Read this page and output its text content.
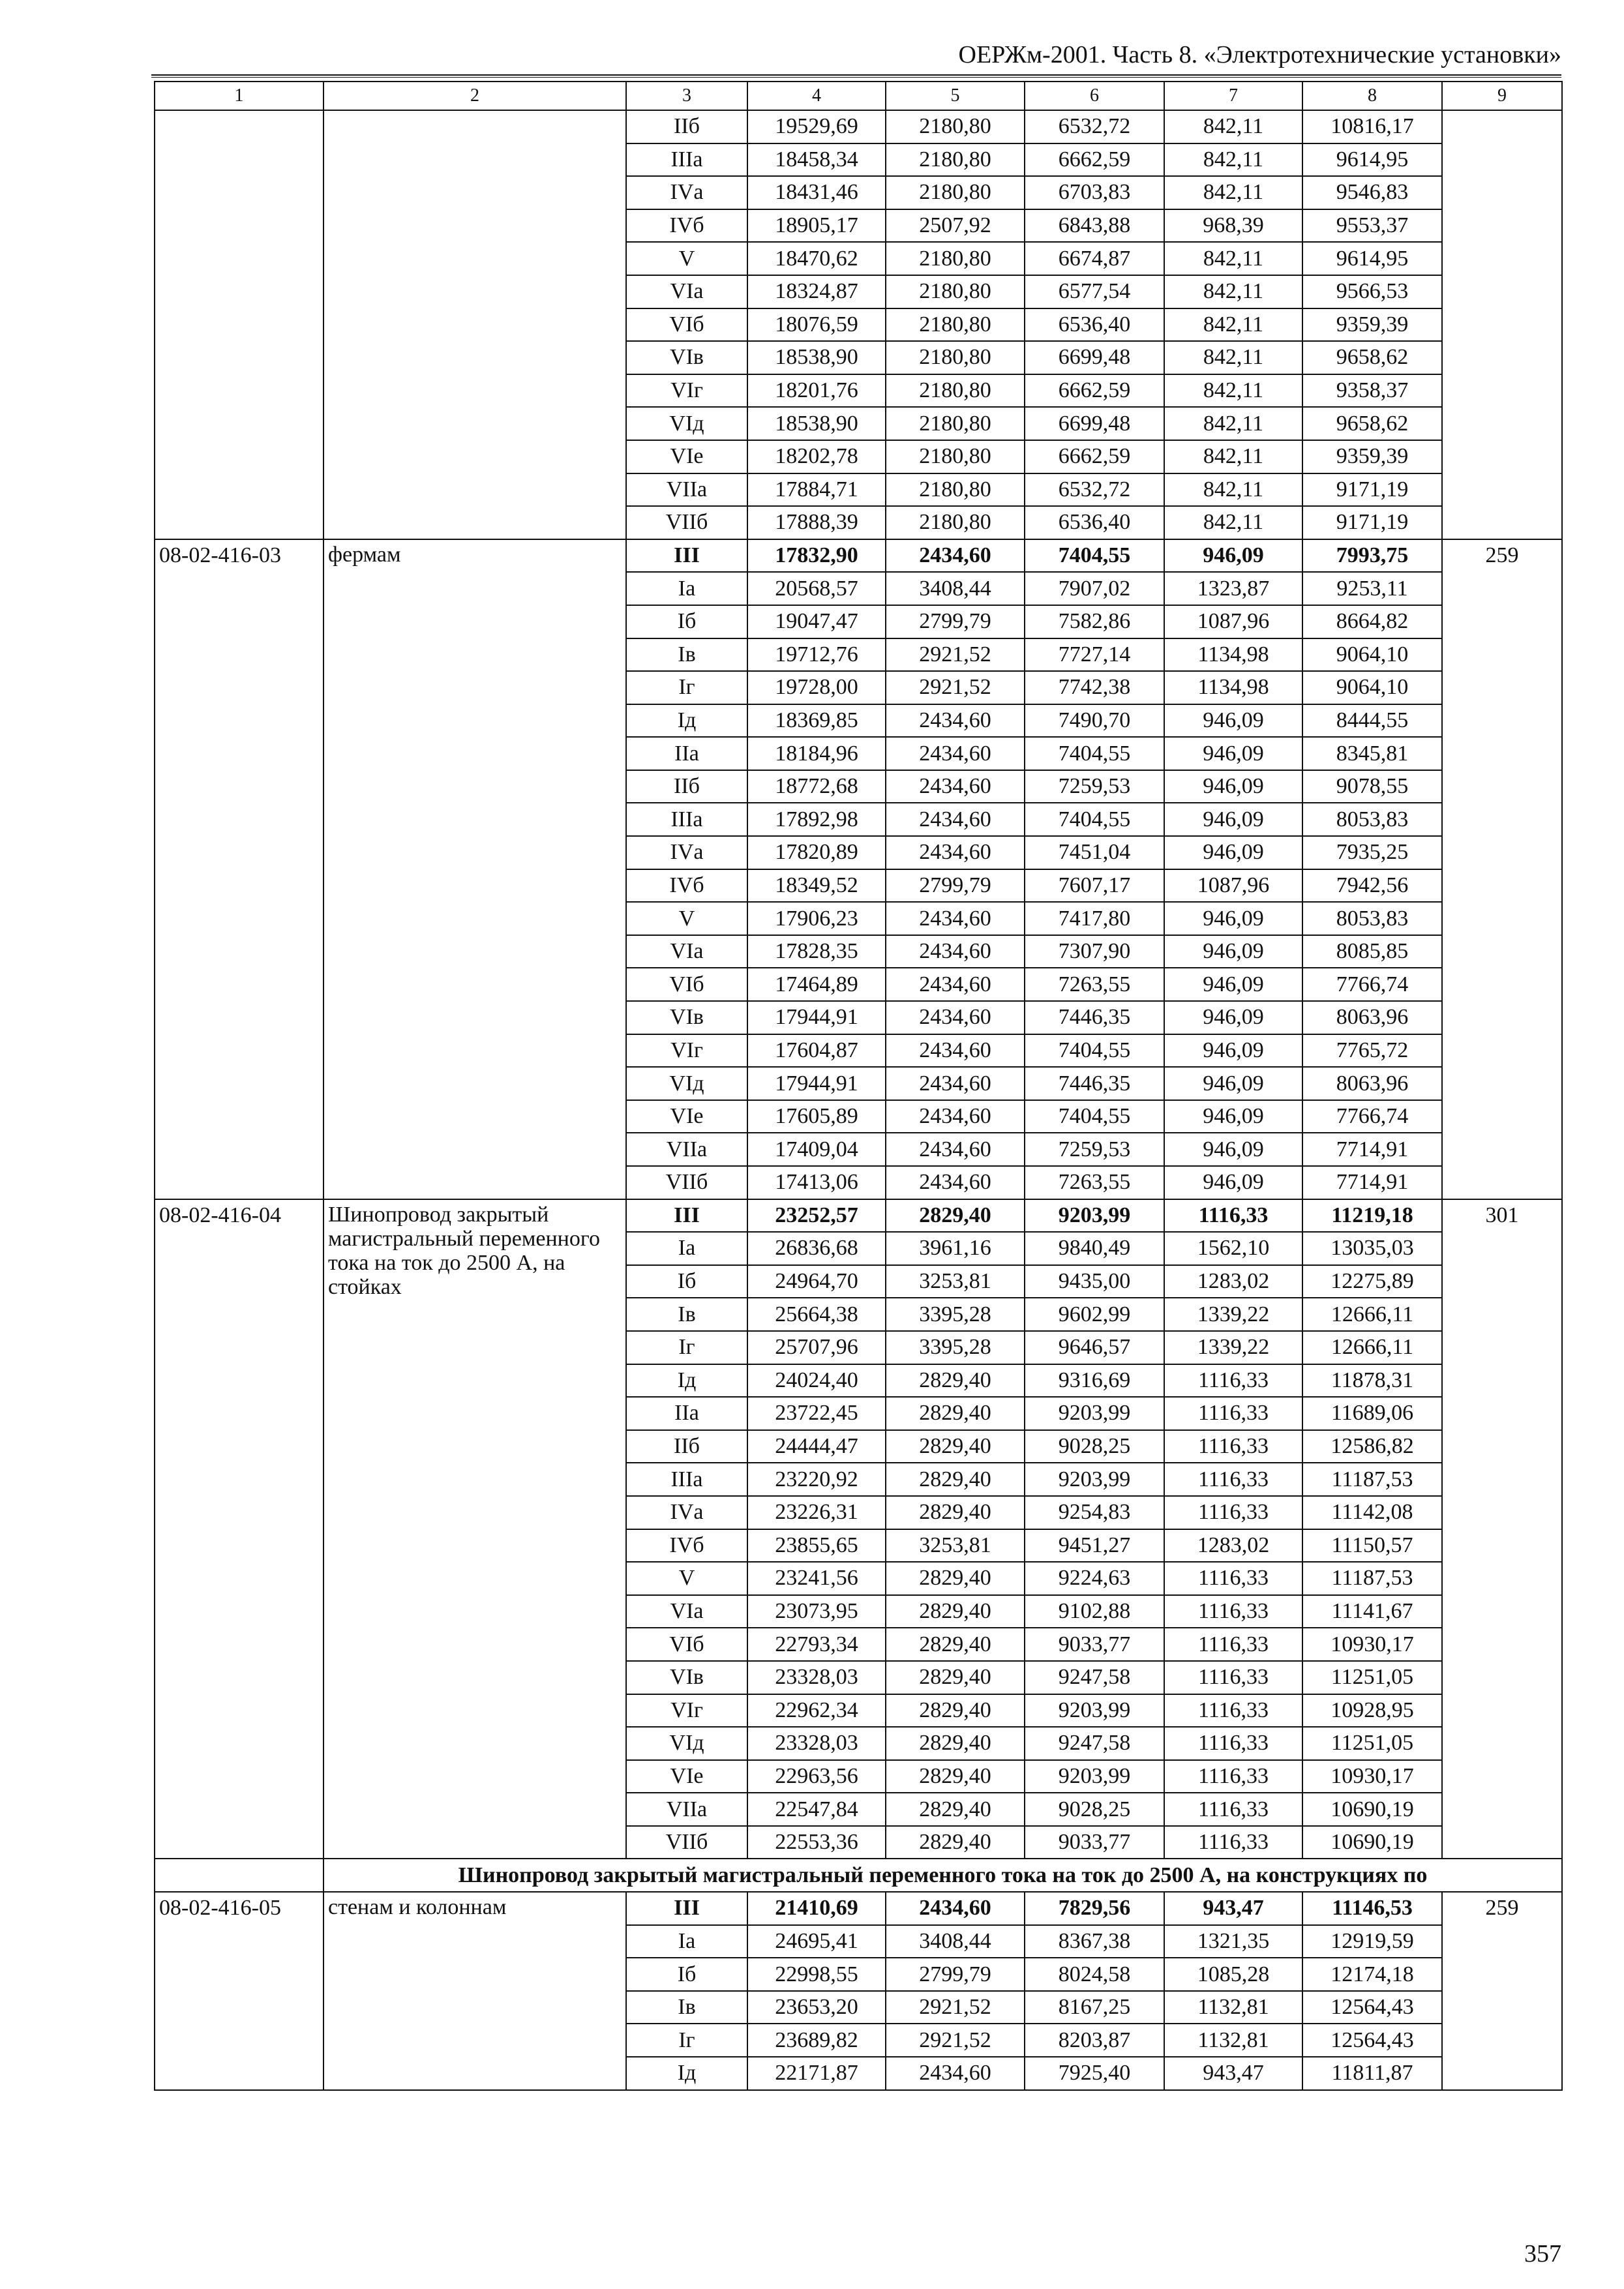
ОЕРЖм-2001. Часть 8. «Электротехнические установки»
1	2	3	4	5	6	7	8	9
		IIб	19529,69	2180,80	6532,72	842,11	10816,17	
		IIIа	18458,34	2180,80	6662,59	842,11	9614,95	
		IVа	18431,46	2180,80	6703,83	842,11	9546,83	
		IVб	18905,17	2507,92	6843,88	968,39	9553,37	
		V	18470,62	2180,80	6674,87	842,11	9614,95	
		VIа	18324,87	2180,80	6577,54	842,11	9566,53	
		VIб	18076,59	2180,80	6536,40	842,11	9359,39	
		VIв	18538,90	2180,80	6699,48	842,11	9658,62	
		VIг	18201,76	2180,80	6662,59	842,11	9358,37	
		VIд	18538,90	2180,80	6699,48	842,11	9658,62	
		VIе	18202,78	2180,80	6662,59	842,11	9359,39	
		VIIа	17884,71	2180,80	6532,72	842,11	9171,19	
		VIIб	17888,39	2180,80	6536,40	842,11	9171,19	
08-02-416-03	фермам	III	17832,90	2434,60	7404,55	946,09	7993,75	259
		Iа	20568,57	3408,44	7907,02	1323,87	9253,11	
		Iб	19047,47	2799,79	7582,86	1087,96	8664,82	
		Iв	19712,76	2921,52	7727,14	1134,98	9064,10	
		Iг	19728,00	2921,52	7742,38	1134,98	9064,10	
		Iд	18369,85	2434,60	7490,70	946,09	8444,55	
		IIа	18184,96	2434,60	7404,55	946,09	8345,81	
		IIб	18772,68	2434,60	7259,53	946,09	9078,55	
		IIIа	17892,98	2434,60	7404,55	946,09	8053,83	
		IVа	17820,89	2434,60	7451,04	946,09	7935,25	
		IVб	18349,52	2799,79	7607,17	1087,96	7942,56	
		V	17906,23	2434,60	7417,80	946,09	8053,83	
		VIа	17828,35	2434,60	7307,90	946,09	8085,85	
		VIб	17464,89	2434,60	7263,55	946,09	7766,74	
		VIв	17944,91	2434,60	7446,35	946,09	8063,96	
		VIг	17604,87	2434,60	7404,55	946,09	7765,72	
		VIд	17944,91	2434,60	7446,35	946,09	8063,96	
		VIе	17605,89	2434,60	7404,55	946,09	7766,74	
		VIIа	17409,04	2434,60	7259,53	946,09	7714,91	
		VIIб	17413,06	2434,60	7263,55	946,09	7714,91	
08-02-416-04	Шинопровод закрытый магистральный переменного тока на ток до 2500 А, на стойках	III	23252,57	2829,40	9203,99	1116,33	11219,18	301
		Iа	26836,68	3961,16	9840,49	1562,10	13035,03	
		Iб	24964,70	3253,81	9435,00	1283,02	12275,89	
		Iв	25664,38	3395,28	9602,99	1339,22	12666,11	
		Iг	25707,96	3395,28	9646,57	1339,22	12666,11	
		Iд	24024,40	2829,40	9316,69	1116,33	11878,31	
		IIа	23722,45	2829,40	9203,99	1116,33	11689,06	
		IIб	24444,47	2829,40	9028,25	1116,33	12586,82	
		IIIа	23220,92	2829,40	9203,99	1116,33	11187,53	
		IVа	23226,31	2829,40	9254,83	1116,33	11142,08	
		IVб	23855,65	3253,81	9451,27	1283,02	11150,57	
		V	23241,56	2829,40	9224,63	1116,33	11187,53	
		VIа	23073,95	2829,40	9102,88	1116,33	11141,67	
		VIб	22793,34	2829,40	9033,77	1116,33	10930,17	
		VIв	23328,03	2829,40	9247,58	1116,33	11251,05	
		VIг	22962,34	2829,40	9203,99	1116,33	10928,95	
		VIд	23328,03	2829,40	9247,58	1116,33	11251,05	
		VIе	22963,56	2829,40	9203,99	1116,33	10930,17	
		VIIа	22547,84	2829,40	9028,25	1116,33	10690,19	
		VIIб	22553,36	2829,40	9033,77	1116,33	10690,19	
	Шинопровод закрытый магистральный переменного тока на ток до 2500 А, на конструкциях по							
08-02-416-05	стенам и колоннам	III	21410,69	2434,60	7829,56	943,47	11146,53	259
		Iа	24695,41	3408,44	8367,38	1321,35	12919,59	
		Iб	22998,55	2799,79	8024,58	1085,28	12174,18	
		Iв	23653,20	2921,52	8167,25	1132,81	12564,43	
		Iг	23689,82	2921,52	8203,87	1132,81	12564,43	
		Iд	22171,87	2434,60	7925,40	943,47	11811,87	
357
